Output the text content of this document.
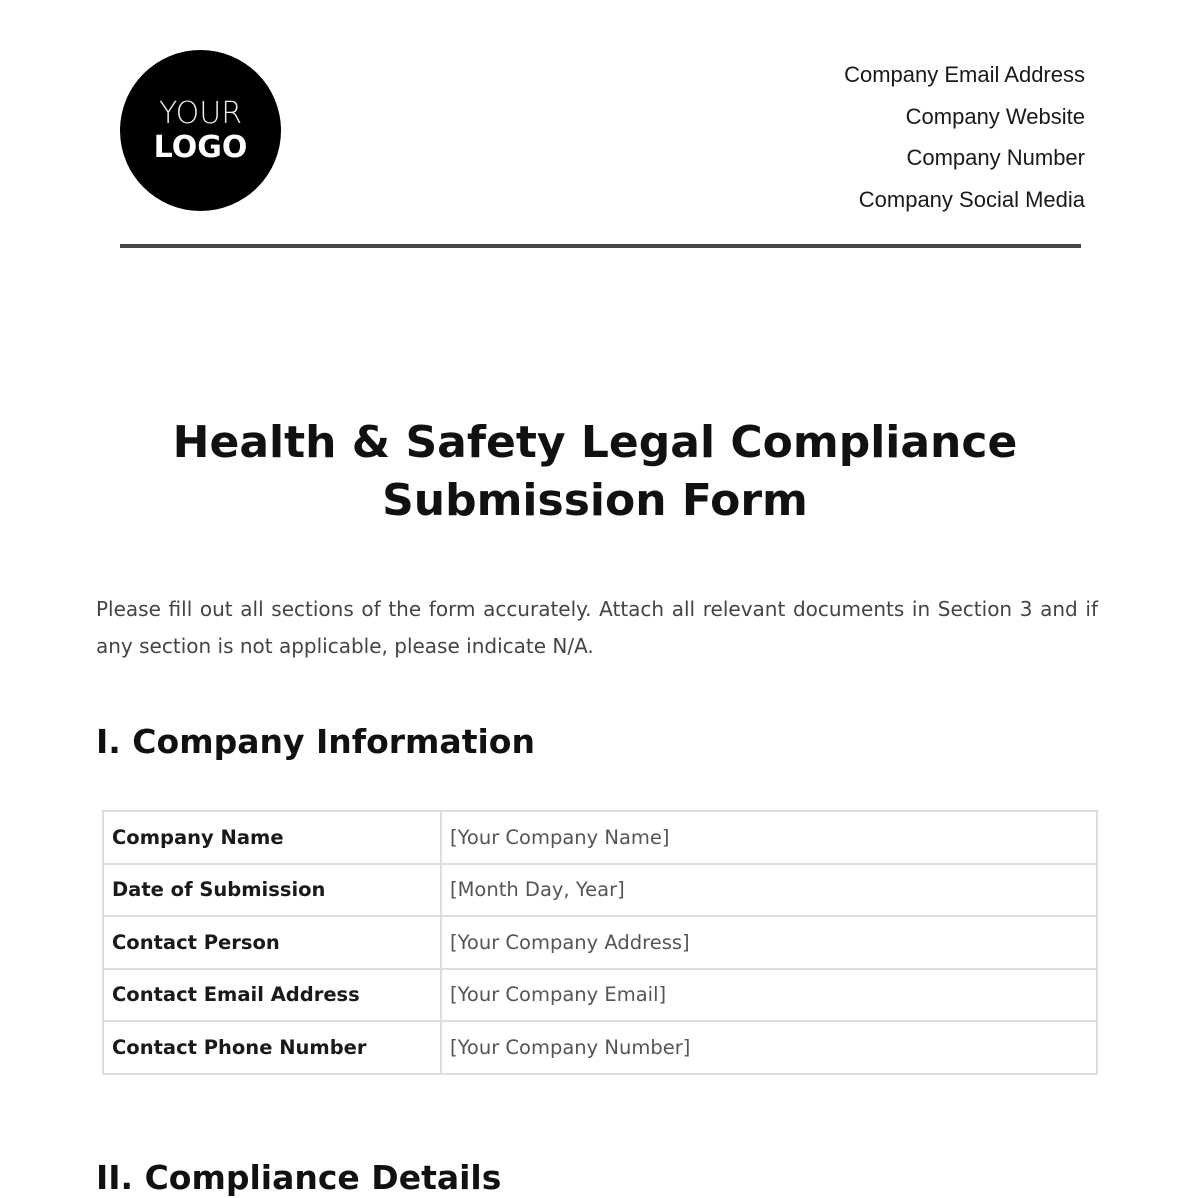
YOUR
LOGO
Company Email Address
Company Website
Company Number
Company Social Media
Health & Safety Legal Compliance
Submission Form

Please fill out all sections of the form accurately. Attach all relevant documents in Section 3 and if any section is not applicable, please indicate N/A.

I. Company Information
Company Name	[Your Company Name]
Date of Submission	[Month Day, Year]
Contact Person	[Your Company Address]
Contact Email Address	[Your Company Email]
Contact Phone Number	[Your Company Number]
II. Compliance Details
